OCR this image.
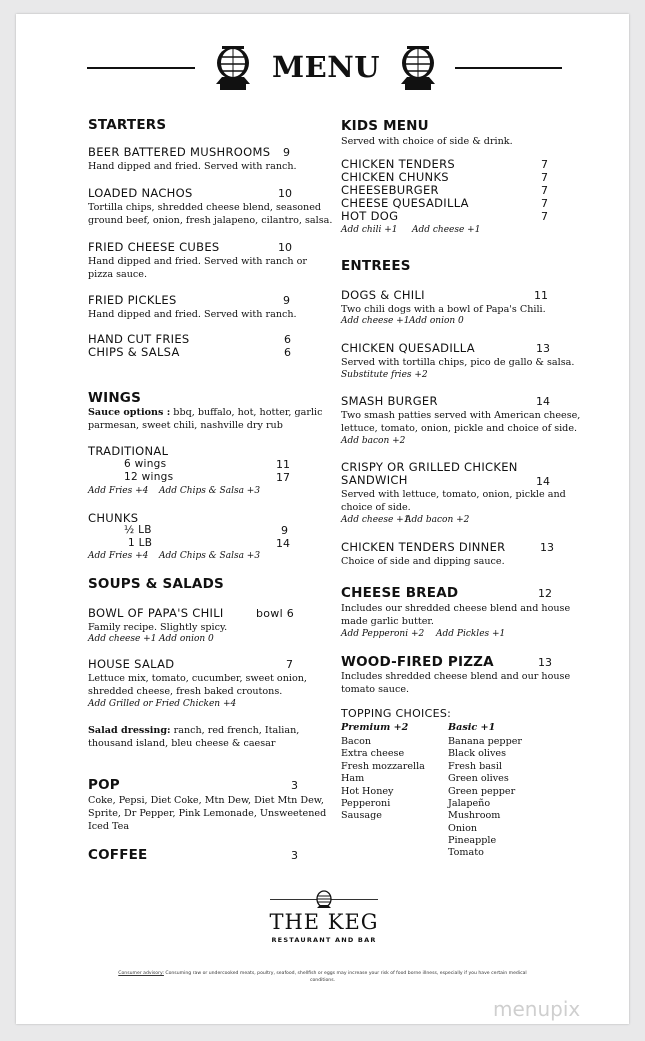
MENU
STARTERS
BEER BATTERED MUSHROOMS	9
Hand dipped and fried. Served with ranch.
LOADED NACHOS	10
Tortilla chips, shredded cheese blend, seasoned
ground beef, onion, fresh jalapeno, cilantro, salsa.
FRIED CHEESE CUBES	10
Hand dipped and fried. Served with ranch or
pizza sauce.
FRIED PICKLES	9
Hand dipped and fried. Served with ranch.
HAND CUT FRIES	6
CHIPS & SALSA	6
WINGS
Sauce options : bbq, buffalo, hot, hotter, garlic
parmesan, sweet chili, nashville dry rub
TRADITIONAL
6 wings	11
12 wings	17
Add Fries +4 Add Chips & Salsa +3
CHUNKS
½ LB	9
1 LB	14
Add Fries +4 Add Chips & Salsa +3
SOUPS & SALADS
BOWL OF PAPA'S CHILI	bowl 6
Family recipe. Slightly spicy.
Add cheese +1 Add onion 0
HOUSE SALAD	7
Lettuce mix, tomato, cucumber, sweet onion,
shredded cheese, fresh baked croutons.
Add Grilled or Fried Chicken +4
Salad dressing: ranch, red french, Italian,
thousand island, bleu cheese & caesar
POP	3
Coke, Pepsi, Diet Coke, Mtn Dew, Diet Mtn Dew,
Sprite, Dr Pepper, Pink Lemonade, Unsweetened
Iced Tea
COFFEE	3
KIDS MENU
Served with choice of side & drink.
CHICKEN TENDERS	7
CHICKEN CHUNKS	7
CHEESEBURGER	7
CHEESE QUESADILLA	7
HOT DOG	7
Add chili +1 Add cheese +1
ENTREES
DOGS & CHILI	11
Two chili dogs with a bowl of Papa's Chili.
Add cheese +1 Add onion 0
CHICKEN QUESADILLA	13
Served with tortilla chips, pico de gallo & salsa.
Substitute fries +2
SMASH BURGER	14
Two smash patties served with American cheese,
lettuce, tomato, onion, pickle and choice of side.
Add bacon +2
CRISPY OR GRILLED CHICKEN
SANDWICH	14
Served with lettuce, tomato, onion, pickle and
choice of side.
Add cheese +1
Add bacon +2
CHICKEN TENDERS DINNER	13
Choice of side and dipping sauce.
CHEESE BREAD	12
Includes our shredded cheese blend and house
made garlic butter.
Add Pepperoni +2 Add Pickles +1
WOOD-FIRED PIZZA	13
Includes shredded cheese blend and our house
tomato sauce.
TOPPING CHOICES:
Premium +2
Bacon
Extra cheese
Fresh mozzarella
Ham
Hot Honey
Pepperoni
Sausage
Basic +1
Banana pepper
Black olives
Fresh basil
Green olives
Green pepper
Jalapeño
Mushroom
Onion
Pineapple
Tomato
THE KEG
RESTAURANT AND BAR
Consumer advisory: Consuming raw or undercooked meats, poultry, seafood, shellfish or eggs may increase your risk of food borne illness, especially if you have certain medical
conditions.
menupix
